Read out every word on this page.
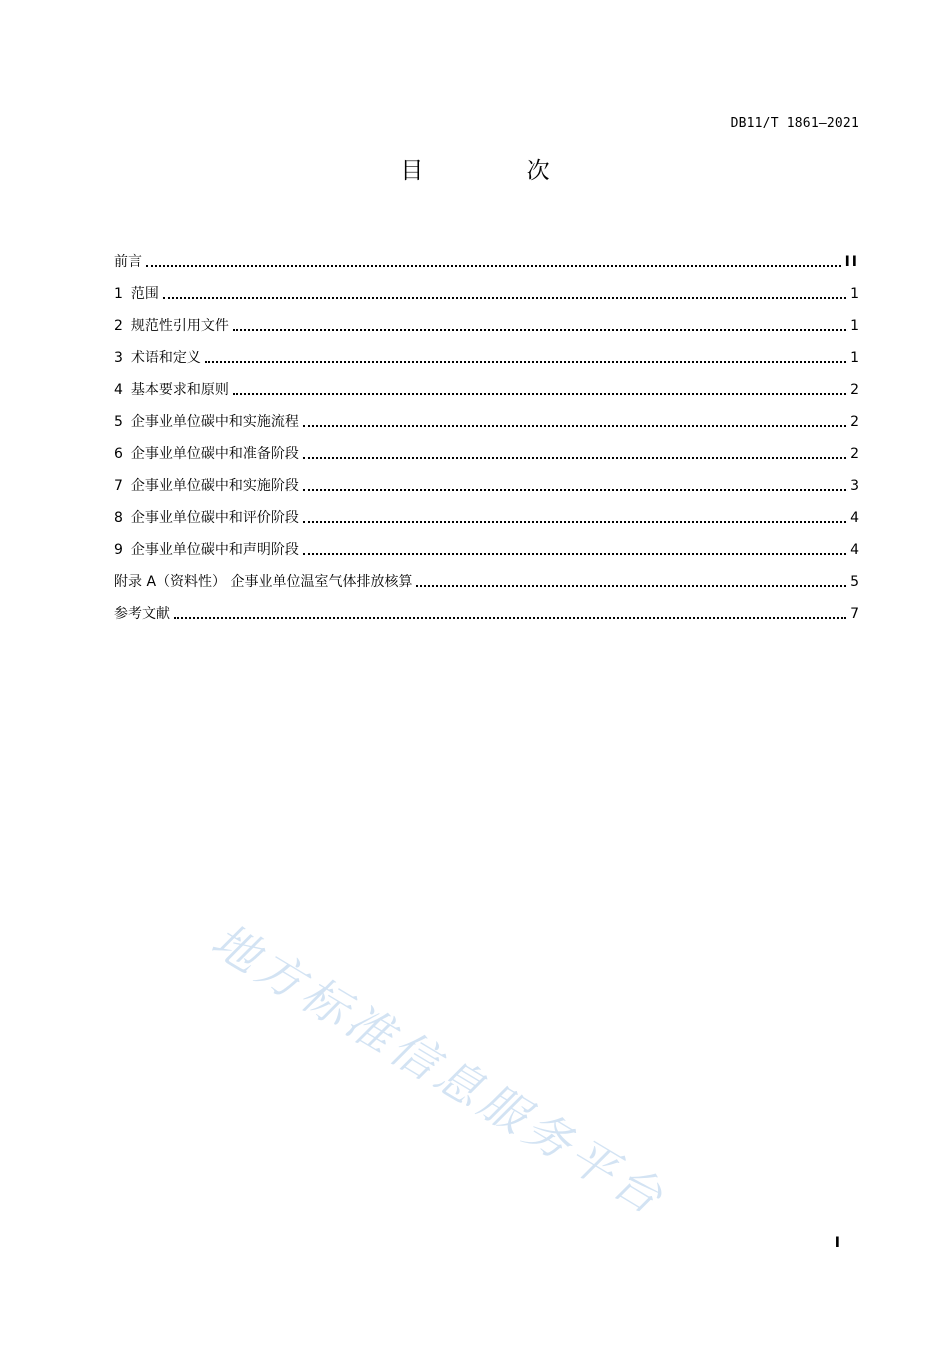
DB11/T 1861—2021
目 次
前言	II
1 范围	1
2 规范性引用文件	1
3 术语和定义	1
4 基本要求和原则	2
5 企事业单位碳中和实施流程	2
6 企事业单位碳中和准备阶段	2
7 企事业单位碳中和实施阶段	3
8 企事业单位碳中和评价阶段	4
9 企事业单位碳中和声明阶段	4
附录 A（资料性） 企事业单位温室气体排放核算	5
参考文献	7
地方标准信息服务平台
I
